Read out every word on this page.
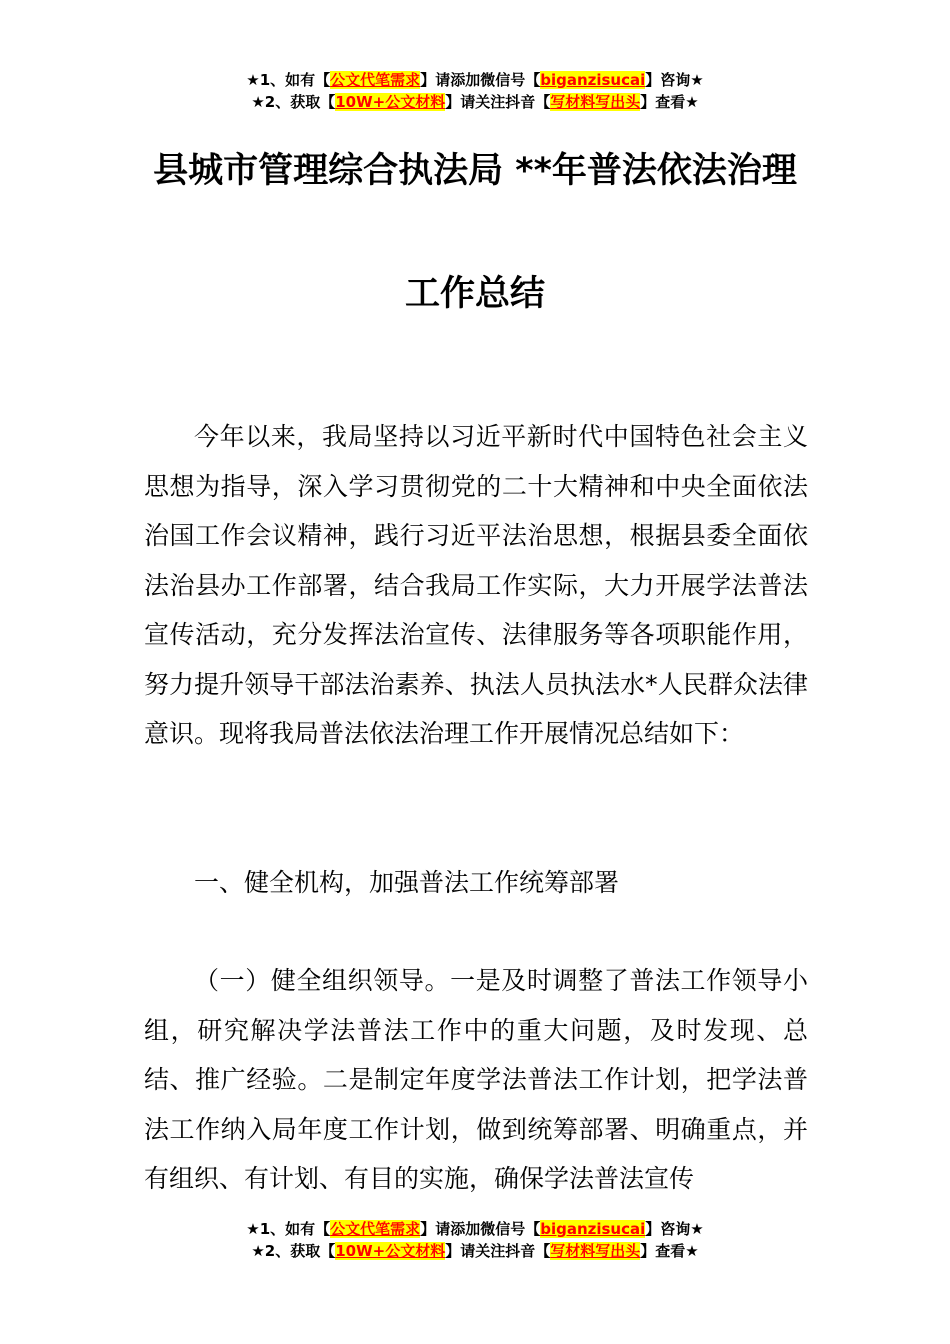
★1、如有【公文代笔需求】请添加微信号【biganzisucai】咨询★
★2、获取【10W+公文材料】请关注抖音【写材料写出头】查看★
县城市管理综合执法局 **年普法依法治理
工作总结

今年以来，我局坚持以习近平新时代中国特色社会主义思想为指导，深入学习贯彻党的二十大精神和中央全面依法治国工作会议精神，践行习近平法治思想，根据县委全面依法治县办工作部署，结合我局工作实际，大力开展学法普法宣传活动，充分发挥法治宣传、法律服务等各项职能作用，努力提升领导干部法治素养、执法人员执法水*人民群众法律意识。现将我局普法依法治理工作开展情况总结如下：

一、健全机构，加强普法工作统筹部署

（一）健全组织领导。一是及时调整了普法工作领导小组，研究解决学法普法工作中的重大问题，及时发现、总结、推广经验。二是制定年度学法普法工作计划，把学法普法工作纳入局年度工作计划，做到统筹部署、明确重点，并有组织、有计划、有目的实施，确保学法普法宣传

★1、如有【公文代笔需求】请添加微信号【biganzisucai】咨询★
★2、获取【10W+公文材料】请关注抖音【写材料写出头】查看★
